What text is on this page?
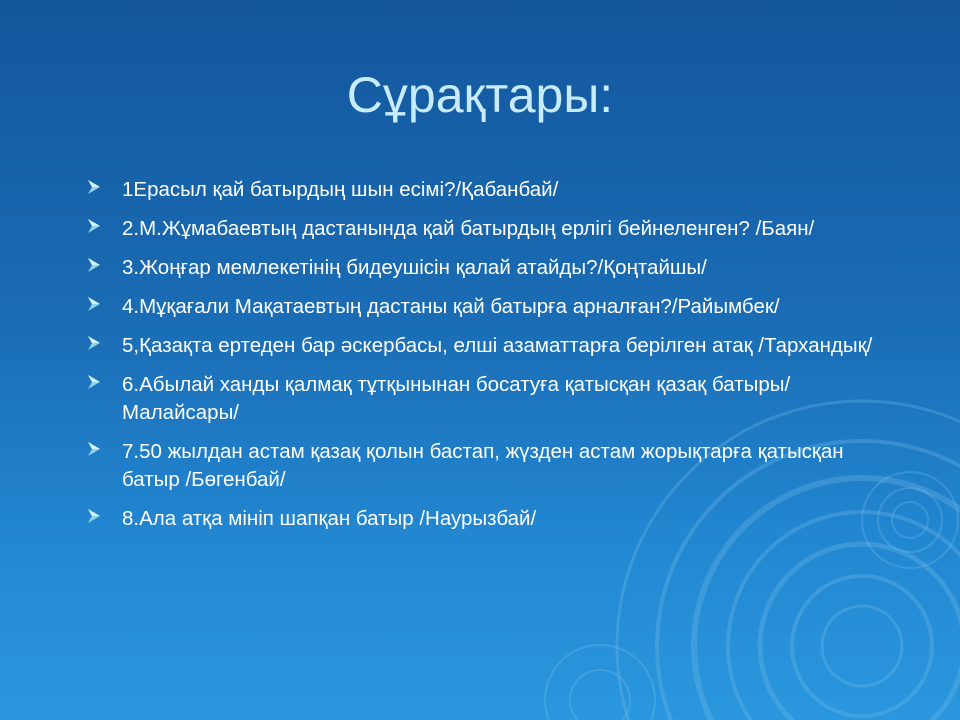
Сұрақтары:
1Ерасыл қай батырдың шын есімі?/Қабанбай/
2.М.Жұмабаевтың дастанында қай батырдың ерлігі бейнеленген? /Баян/
3.Жоңғар мемлекетінің бидеушісін қалай атайды?/Қоңтайшы/
4.Мұқағали Мақатаевтың дастаны қай батырға арналған?/Райымбек/
5,Қазақта ертеден бар әскербасы, елші азаматтарға берілген атақ /Тархандық/
6.Абылай ханды қалмақ тұтқынынан босатуға қатысқан қазақ батыры/Малайсары/
7.50 жылдан астам қазақ қолын бастап, жүзден астам жорықтарға қатысқан батыр /Бөгенбай/
8.Ала атқа мініп шапқан батыр /Наурызбай/
